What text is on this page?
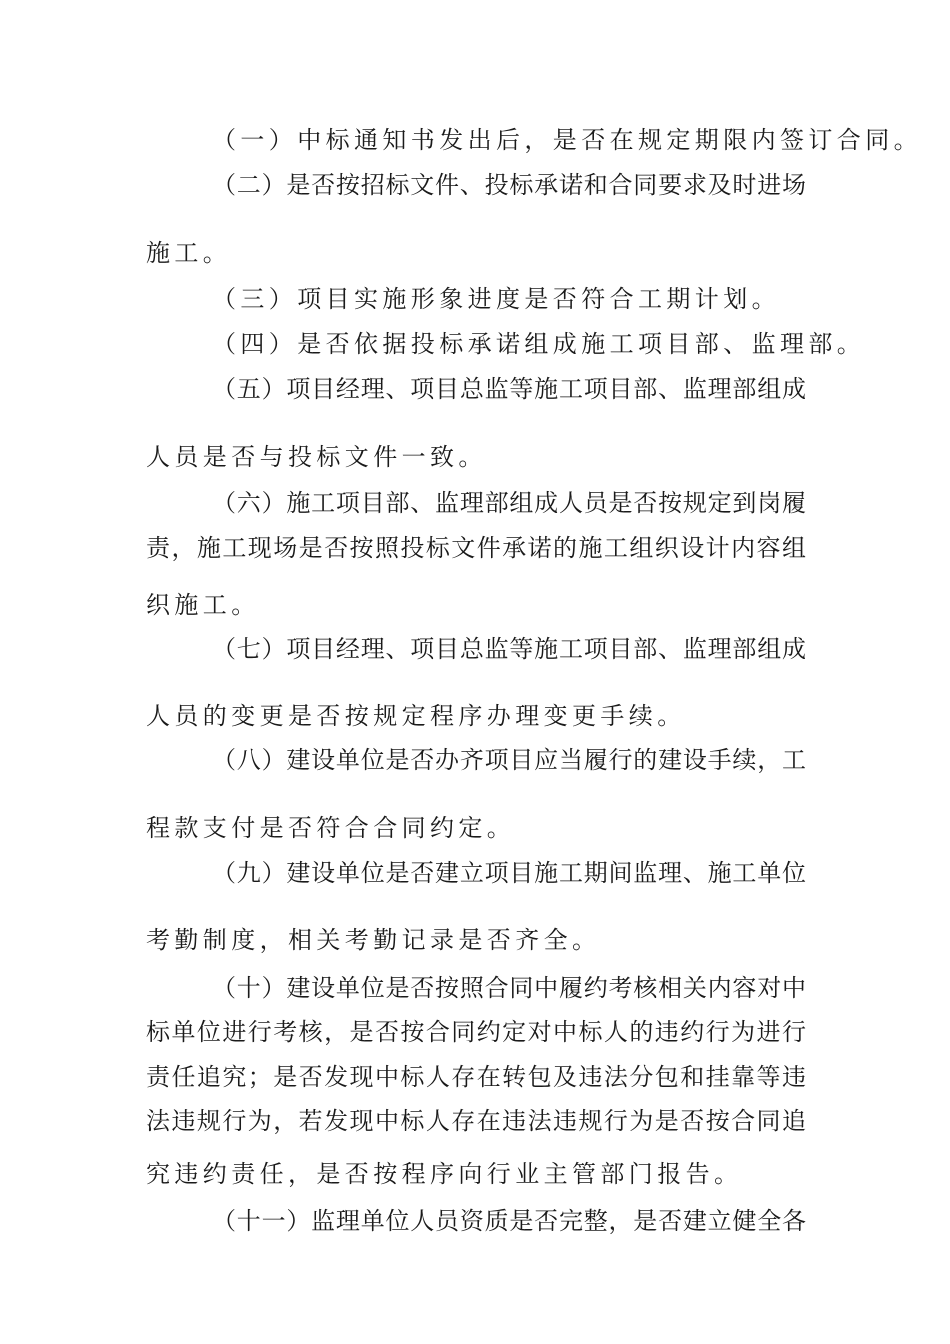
（一）中标通知书发出后，是否在规定期限内签订合同。
（二）是否按招标文件、投标承诺和合同要求及时进场
施工。
（三）项目实施形象进度是否符合工期计划。
（四）是否依据投标承诺组成施工项目部、监理部。
（五）项目经理、项目总监等施工项目部、监理部组成
人员是否与投标文件一致。
（六）施工项目部、监理部组成人员是否按规定到岗履
责，施工现场是否按照投标文件承诺的施工组织设计内容组
织施工。
（七）项目经理、项目总监等施工项目部、监理部组成
人员的变更是否按规定程序办理变更手续。
（八）建设单位是否办齐项目应当履行的建设手续，工
程款支付是否符合合同约定。
（九）建设单位是否建立项目施工期间监理、施工单位
考勤制度，相关考勤记录是否齐全。
（十）建设单位是否按照合同中履约考核相关内容对中
标单位进行考核，是否按合同约定对中标人的违约行为进行
责任追究；是否发现中标人存在转包及违法分包和挂靠等违
法违规行为，若发现中标人存在违法违规行为是否按合同追
究违约责任，是否按程序向行业主管部门报告。
（十一）监理单位人员资质是否完整，是否建立健全各
